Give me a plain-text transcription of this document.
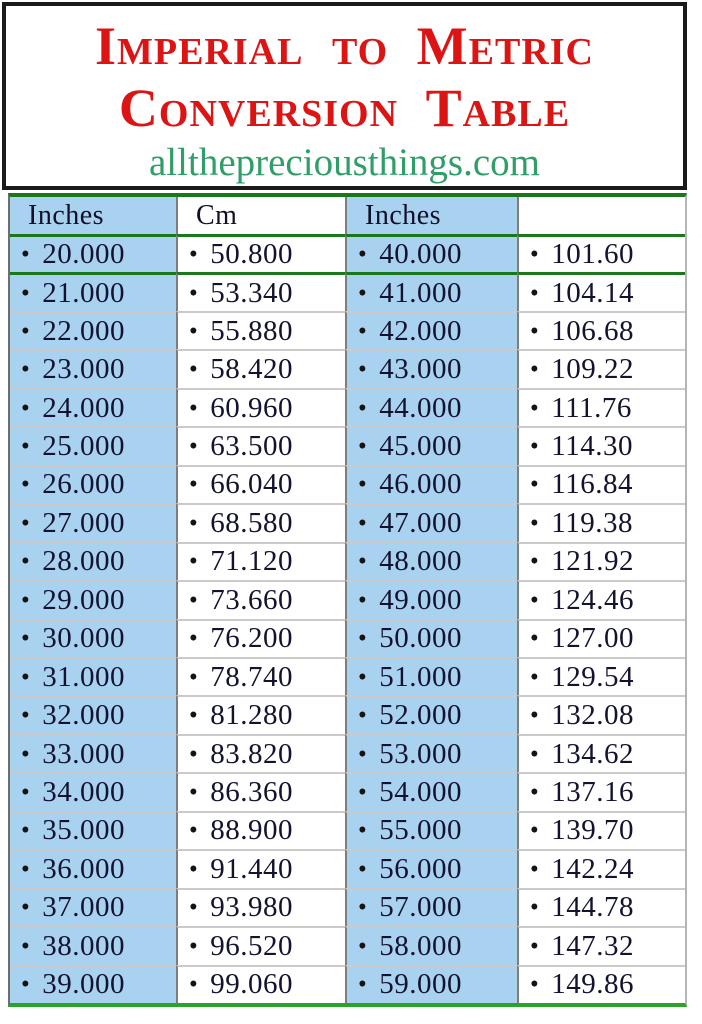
Imperial to Metric
Conversion Table
allthepreciousthings.com
Inches	Cm	Inches
• 20.000	• 50.800	• 40.000	• 101.60
• 21.000	• 53.340	• 41.000	• 104.14
• 22.000	• 55.880	• 42.000	• 106.68
• 23.000	• 58.420	• 43.000	• 109.22
• 24.000	• 60.960	• 44.000	• 111.76
• 25.000	• 63.500	• 45.000	• 114.30
• 26.000	• 66.040	• 46.000	• 116.84
• 27.000	• 68.580	• 47.000	• 119.38
• 28.000	• 71.120	• 48.000	• 121.92
• 29.000	• 73.660	• 49.000	• 124.46
• 30.000	• 76.200	• 50.000	• 127.00
• 31.000	• 78.740	• 51.000	• 129.54
• 32.000	• 81.280	• 52.000	• 132.08
• 33.000	• 83.820	• 53.000	• 134.62
• 34.000	• 86.360	• 54.000	• 137.16
• 35.000	• 88.900	• 55.000	• 139.70
• 36.000	• 91.440	• 56.000	• 142.24
• 37.000	• 93.980	• 57.000	• 144.78
• 38.000	• 96.520	• 58.000	• 147.32
• 39.000	• 99.060	• 59.000	• 149.86
